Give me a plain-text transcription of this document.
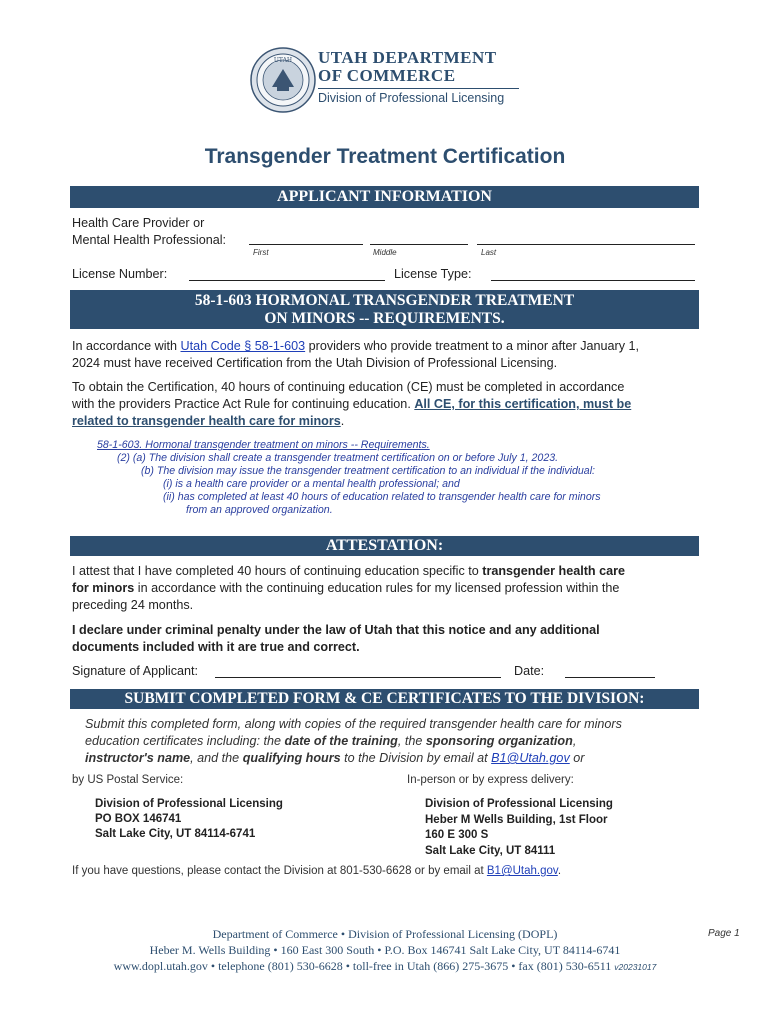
UTAH UTAH DEPARTMENT
OF COMMERCE
Division of Professional Licensing
Transgender Treatment Certification
APPLICANT INFORMATION
Health Care Provider or
Mental Health Professional:
First	Middle	Last
License Number:	License Type:
58-1-603 HORMONAL TRANSGENDER TREATMENT
ON MINORS -- REQUIREMENTS.
In accordance with Utah Code § 58-1-603 providers who provide treatment to a minor after January 1,
2024 must have received Certification from the Utah Division of Professional Licensing.
To obtain the Certification, 40 hours of continuing education (CE) must be completed in accordance
with the providers Practice Act Rule for continuing education. All CE, for this certification, must be
related to transgender health care for minors.
58-1-603. Hormonal transgender treatment on minors -- Requirements.
(2) (a) The division shall create a transgender treatment certification on or before July 1, 2023.
(b) The division may issue the transgender treatment certification to an individual if the individual:
(i) is a health care provider or a mental health professional; and
(ii) has completed at least 40 hours of education related to transgender health care for minors
from an approved organization.
ATTESTATION:
I attest that I have completed 40 hours of continuing education specific to transgender health care
for minors in accordance with the continuing education rules for my licensed profession within the
preceding 24 months.
I declare under criminal penalty under the law of Utah that this notice and any additional
documents included with it are true and correct.
Signature of Applicant:	Date:
SUBMIT COMPLETED FORM & CE CERTIFICATES TO THE DIVISION:
Submit this completed form, along with copies of the required transgender health care for minors
education certificates including: the date of the training, the sponsoring organization,
instructor's name, and the qualifying hours to the Division by email at B1@Utah.gov or
by US Postal Service:
Division of Professional Licensing
PO BOX 146741
Salt Lake City, UT 84114-6741
In-person or by express delivery:
Division of Professional Licensing
Heber M Wells Building, 1st Floor
160 E 300 S
Salt Lake City, UT 84111
If you have questions, please contact the Division at 801-530-6628 or by email at B1@Utah.gov.
Department of Commerce • Division of Professional Licensing (DOPL)
Heber M. Wells Building • 160 East 300 South • P.O. Box 146741 Salt Lake City, UT 84114-6741
www.dopl.utah.gov • telephone (801) 530-6628 • toll-free in Utah (866) 275-3675 • fax (801) 530-6511 v20231017
Page 1
